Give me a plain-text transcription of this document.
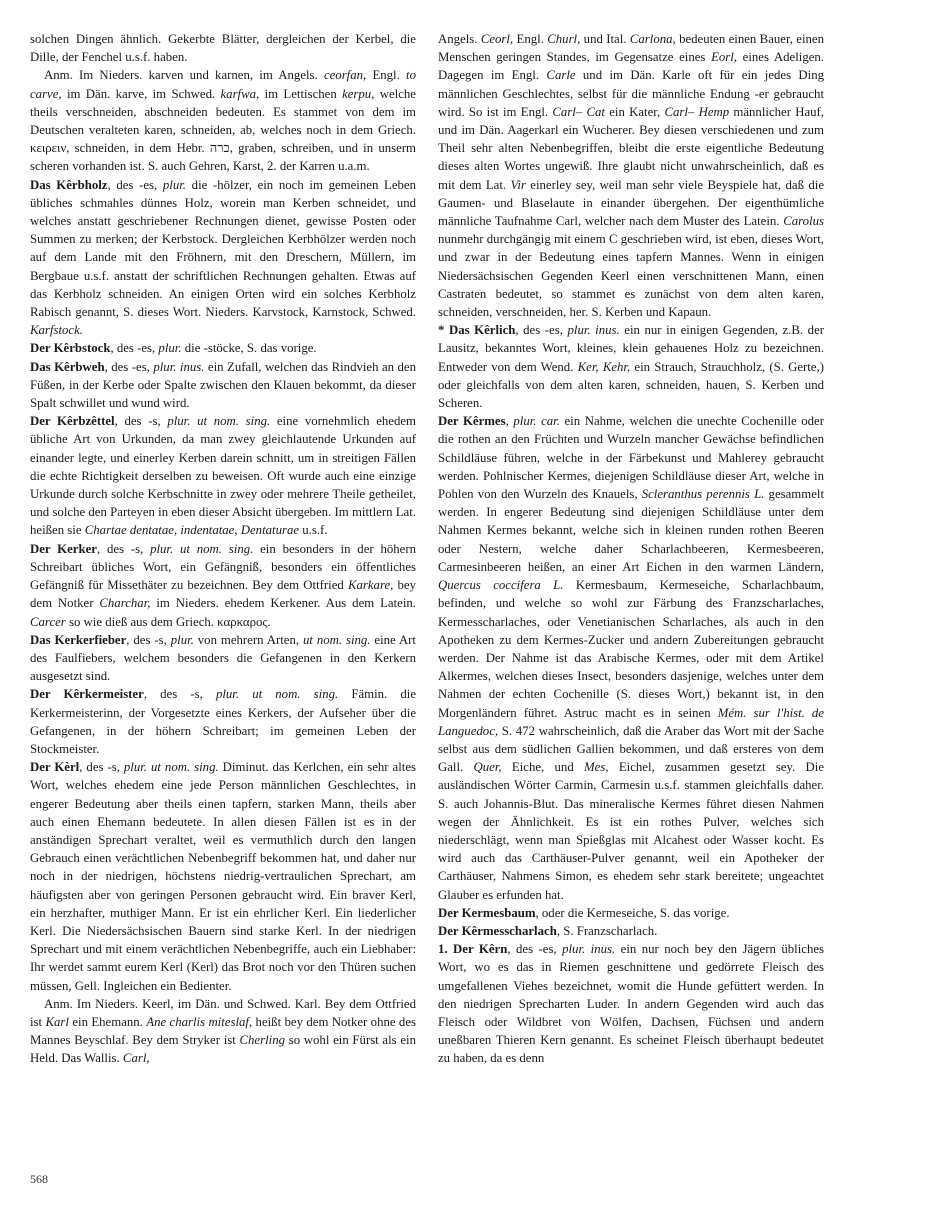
solchen Dingen ähnlich. Gekerbte Blätter, dergleichen der Kerbel, die Dille, der Fenchel u.s.f. haben.

Anm. Im Nieders. karven und karnen, im Angels. ceorfan, Engl. to carve, im Dän. karve, im Schwed. karfwa, im Lettischen kerpu, welche theils verschneiden, abschneiden bedeuten. Es stammet von dem im Deutschen veralteten karen, schneiden, ab, welches noch in dem Griech. κειρειν, schneiden, in dem Hebr. כרה, graben, schreiben, und in unserm scheren vorhanden ist. S. auch Gehren, Karst, 2. der Karren u.a.m.

Das Kêrbholz, des -es, plur. die -hölzer, ein noch im gemeinen Leben übliches schmahles dünnes Holz, worein man Kerben schneidet, und welches anstatt geschriebener Rechnungen dienet, gewisse Posten oder Summen zu merken; der Kerbstock. Dergleichen Kerbhölzer werden noch auf dem Lande mit den Fröhnern, mit den Dreschern, Müllern, im Bergbaue u.s.f. anstatt der schriftlichen Rechnungen gehalten. Etwas auf das Kerbholz schneiden. An einigen Orten wird ein solches Kerbholz Rabisch genannt, S. dieses Wort. Nieders. Karvstock, Karnstock, Schwed. Karfstock.

Der Kêrbstock, des -es, plur. die -stöcke, S. das vorige.

Das Kêrbweh, des -es, plur. inus. ein Zufall, welchen das Rindvieh an den Füßen, in der Kerbe oder Spalte zwischen den Klauen bekommt, da dieser Spalt schwillet und wund wird.

Der Kêrbzêttel, des -s, plur. ut nom. sing. eine vornehmlich ehedem übliche Art von Urkunden, da man zwey gleichlautende Urkunden auf einander legte, und einerley Kerben darein schnitt, um in streitigen Fällen die echte Richtigkeit derselben zu beweisen. Oft wurde auch eine einzige Urkunde durch solche Kerbschnitte in zwey oder mehrere Theile getheilet, und solche den Parteyen in eben dieser Absicht übergeben. Im mittlern Lat. heißen sie Chartae dentatae, indentatae, Dentaturae u.s.f.

Der Kerker, des -s, plur. ut nom. sing. ein besonders in der höhern Schreibart übliches Wort, ein Gefängniß, besonders ein öffentliches Gefängniß für Missethäter zu bezeichnen. Bey dem Ottfried Karkare, bey dem Notker Charchar, im Nieders. ehedem Kerkener. Aus dem Latein. Carcer so wie dieß aus dem Griech. καρκαρος.

Das Kerkerfieber, des -s, plur. von mehrern Arten, ut nom. sing. eine Art des Faulfiebers, welchem besonders die Gefangenen in den Kerkern ausgesetzt sind.

Der Kêrkermeister, des -s, plur. ut nom. sing. Fämin. die Kerkermeisterinn, der Vorgesetzte eines Kerkers, der Aufseher über die Gefangenen, in der höhern Schreibart; im gemeinen Leben der Stockmeister.

Der Kèrl, des -s, plur. ut nom. sing. Diminut. das Kerlchen, ein sehr altes Wort, welches ehedem eine jede Person männlichen Geschlechtes, in engerer Bedeutung aber theils einen tapfern, starken Mann, theils aber auch einen Ehemann bedeutete. In allen diesen Fällen ist es in der anständigen Sprechart veraltet, weil es vermuthlich durch den langen Gebrauch einen verächtlichen Nebenbegriff bekommen hat, und daher nur noch in der niedrigen, höchstens niedrig-vertraulichen Sprechart, am häufigsten aber von geringen Personen gebraucht wird. Ein braver Kerl, ein herzhafter, muthiger Mann. Er ist ein ehrlicher Kerl. Ein liederlicher Kerl. Die Niedersächsischen Bauern sind starke Kerl. In der niedrigen Sprechart und mit einem verächtlichen Nebenbegriffe, auch ein Liebhaber: Ihr werdet sammt eurem Kerl (Kerl) das Brot noch vor den Thüren suchen müssen, Gell. Ingleichen ein Bedienter.

Anm. Im Nieders. Keerl, im Dän. und Schwed. Karl. Bey dem Ottfried ist Karl ein Ehemann. Ane charlis miteslaf, heißt bey dem Notker ohne des Mannes Beyschlaf. Bey dem Stryker ist Cherling so wohl ein Fürst als ein Held. Das Wallis. Carl,

Angels. Ceorl, Engl. Churl, und Ital. Carlona, bedeuten einen Bauer, einen Menschen geringen Standes, im Gegensatze eines Eorl, eines Adeligen. Dagegen im Engl. Carle und im Dän. Karle oft für ein jedes Ding männlichen Geschlechtes, selbst für die männliche Endung -er gebraucht wird. So ist im Engl. Carl– Cat ein Kater, Carl– Hemp männlicher Hauf, und im Dän. Aagerkarl ein Wucherer. Bey diesen verschiedenen und zum Theil sehr alten Nebenbegriffen, bleibt die erste eigentliche Bedeutung dieses alten Wortes ungewiß. Ihre glaubt nicht unwahrscheinlich, daß es mit dem Lat. Vir einerley sey, weil man sehr viele Beyspiele hat, daß die Gaumen- und Blaselaute in einander übergehen. Der eigenthümliche männliche Taufnahme Carl, welcher nach dem Muster des Latein. Carolus nunmehr durchgängig mit einem C geschrieben wird, ist eben, dieses Wort, und zwar in der Bedeutung eines tapfern Mannes. Wenn in einigen Niedersächsischen Gegenden Keerl einen verschnittenen Mann, einen Castraten bedeutet, so stammet es zunächst von dem alten karen, schneiden, verschneiden, her. S. Kerben und Kapaun.

* Das Kêrlich, des -es, plur. inus. ein nur in einigen Gegenden, z.B. der Lausitz, bekanntes Wort, kleines, klein gehauenes Holz zu bezeichnen. Entweder von dem Wend. Ker, Kehr, ein Strauch, Strauchholz, (S. Gerte,) oder gleichfalls von dem alten karen, schneiden, hauen, S. Kerben und Scheren.

Der Kêrmes, plur. car. ein Nahme, welchen die unechte Cochenille oder die rothen an den Früchten und Wurzeln mancher Gewächse befindlichen Schildläuse führen, welche in der Färbekunst und Mahlerey gebraucht werden. Pohlnischer Kermes, diejenigen Schildläuse dieser Art, welche in Pohlen von den Wurzeln des Knauels, Scleranthus perennis L. gesammelt werden. In engerer Bedeutung sind diejenigen Schildläuse unter dem Nahmen Kermes bekannt, welche sich in kleinen runden rothen Beeren oder Nestern, welche daher Scharlachbeeren, Kermesbeeren, Carmesinbeeren heißen, an einer Art Eichen in den warmen Ländern, Quercus coccifera L. Kermesbaum, Kermeseiche, Scharlachbaum, befinden, und welche so wohl zur Färbung des Franzscharlaches, Kermesscharlaches, oder Venetianischen Scharlaches, als auch in den Apotheken zu dem Kermes-Zucker und andern Zubereitungen gebraucht werden. Der Nahme ist das Arabische Kermes, oder mit dem Artikel Alkermes, welchen dieses Insect, besonders dasjenige, welches unter dem Nahmen der echten Cochenille (S. dieses Wort,) bekannt ist, in den Morgenländern führet. Astruc macht es in seinen Mém. sur l'hist. de Languedoc, S. 472 wahrscheinlich, daß die Araber das Wort mit der Sache selbst aus dem südlichen Gallien bekommen, und daß ersteres von dem Gall. Quer, Eiche, und Mes, Eichel, zusammen gesetzt sey. Die ausländischen Wörter Carmin, Carmesin u.s.f. stammen gleichfalls daher. S. auch Johannis-Blut. Das mineralische Kermes führet diesen Nahmen wegen der Ähnlichkeit. Es ist ein rothes Pulver, welches sich niederschlägt, wenn man Spießglas mit Alcahest oder Wasser kocht. Es wird auch das Carthäuser-Pulver genannt, weil ein Apotheker der Carthäuser, Nahmens Simon, es ehedem sehr stark bereitete; ungeachtet Glauber es erfunden hat.

Der Kermesbaum, oder die Kermeseiche, S. das vorige.

Der Kêrmesscharlach, S. Franzscharlach.

1. Der Kêrn, des -es, plur. inus. ein nur noch bey den Jägern übliches Wort, wo es das in Riemen geschnittene und gedörrete Fleisch des umgefallenen Viehes bezeichnet, womit die Hunde gefüttert werden. In den niedrigen Sprecharten Luder. In andern Gegenden wird auch das Fleisch oder Wildbret von Wölfen, Dachsen, Füchsen und andern uneßbaren Thieren Kern genannt. Es scheinet Fleisch überhaupt bedeutet zu haben, da es denn

568
